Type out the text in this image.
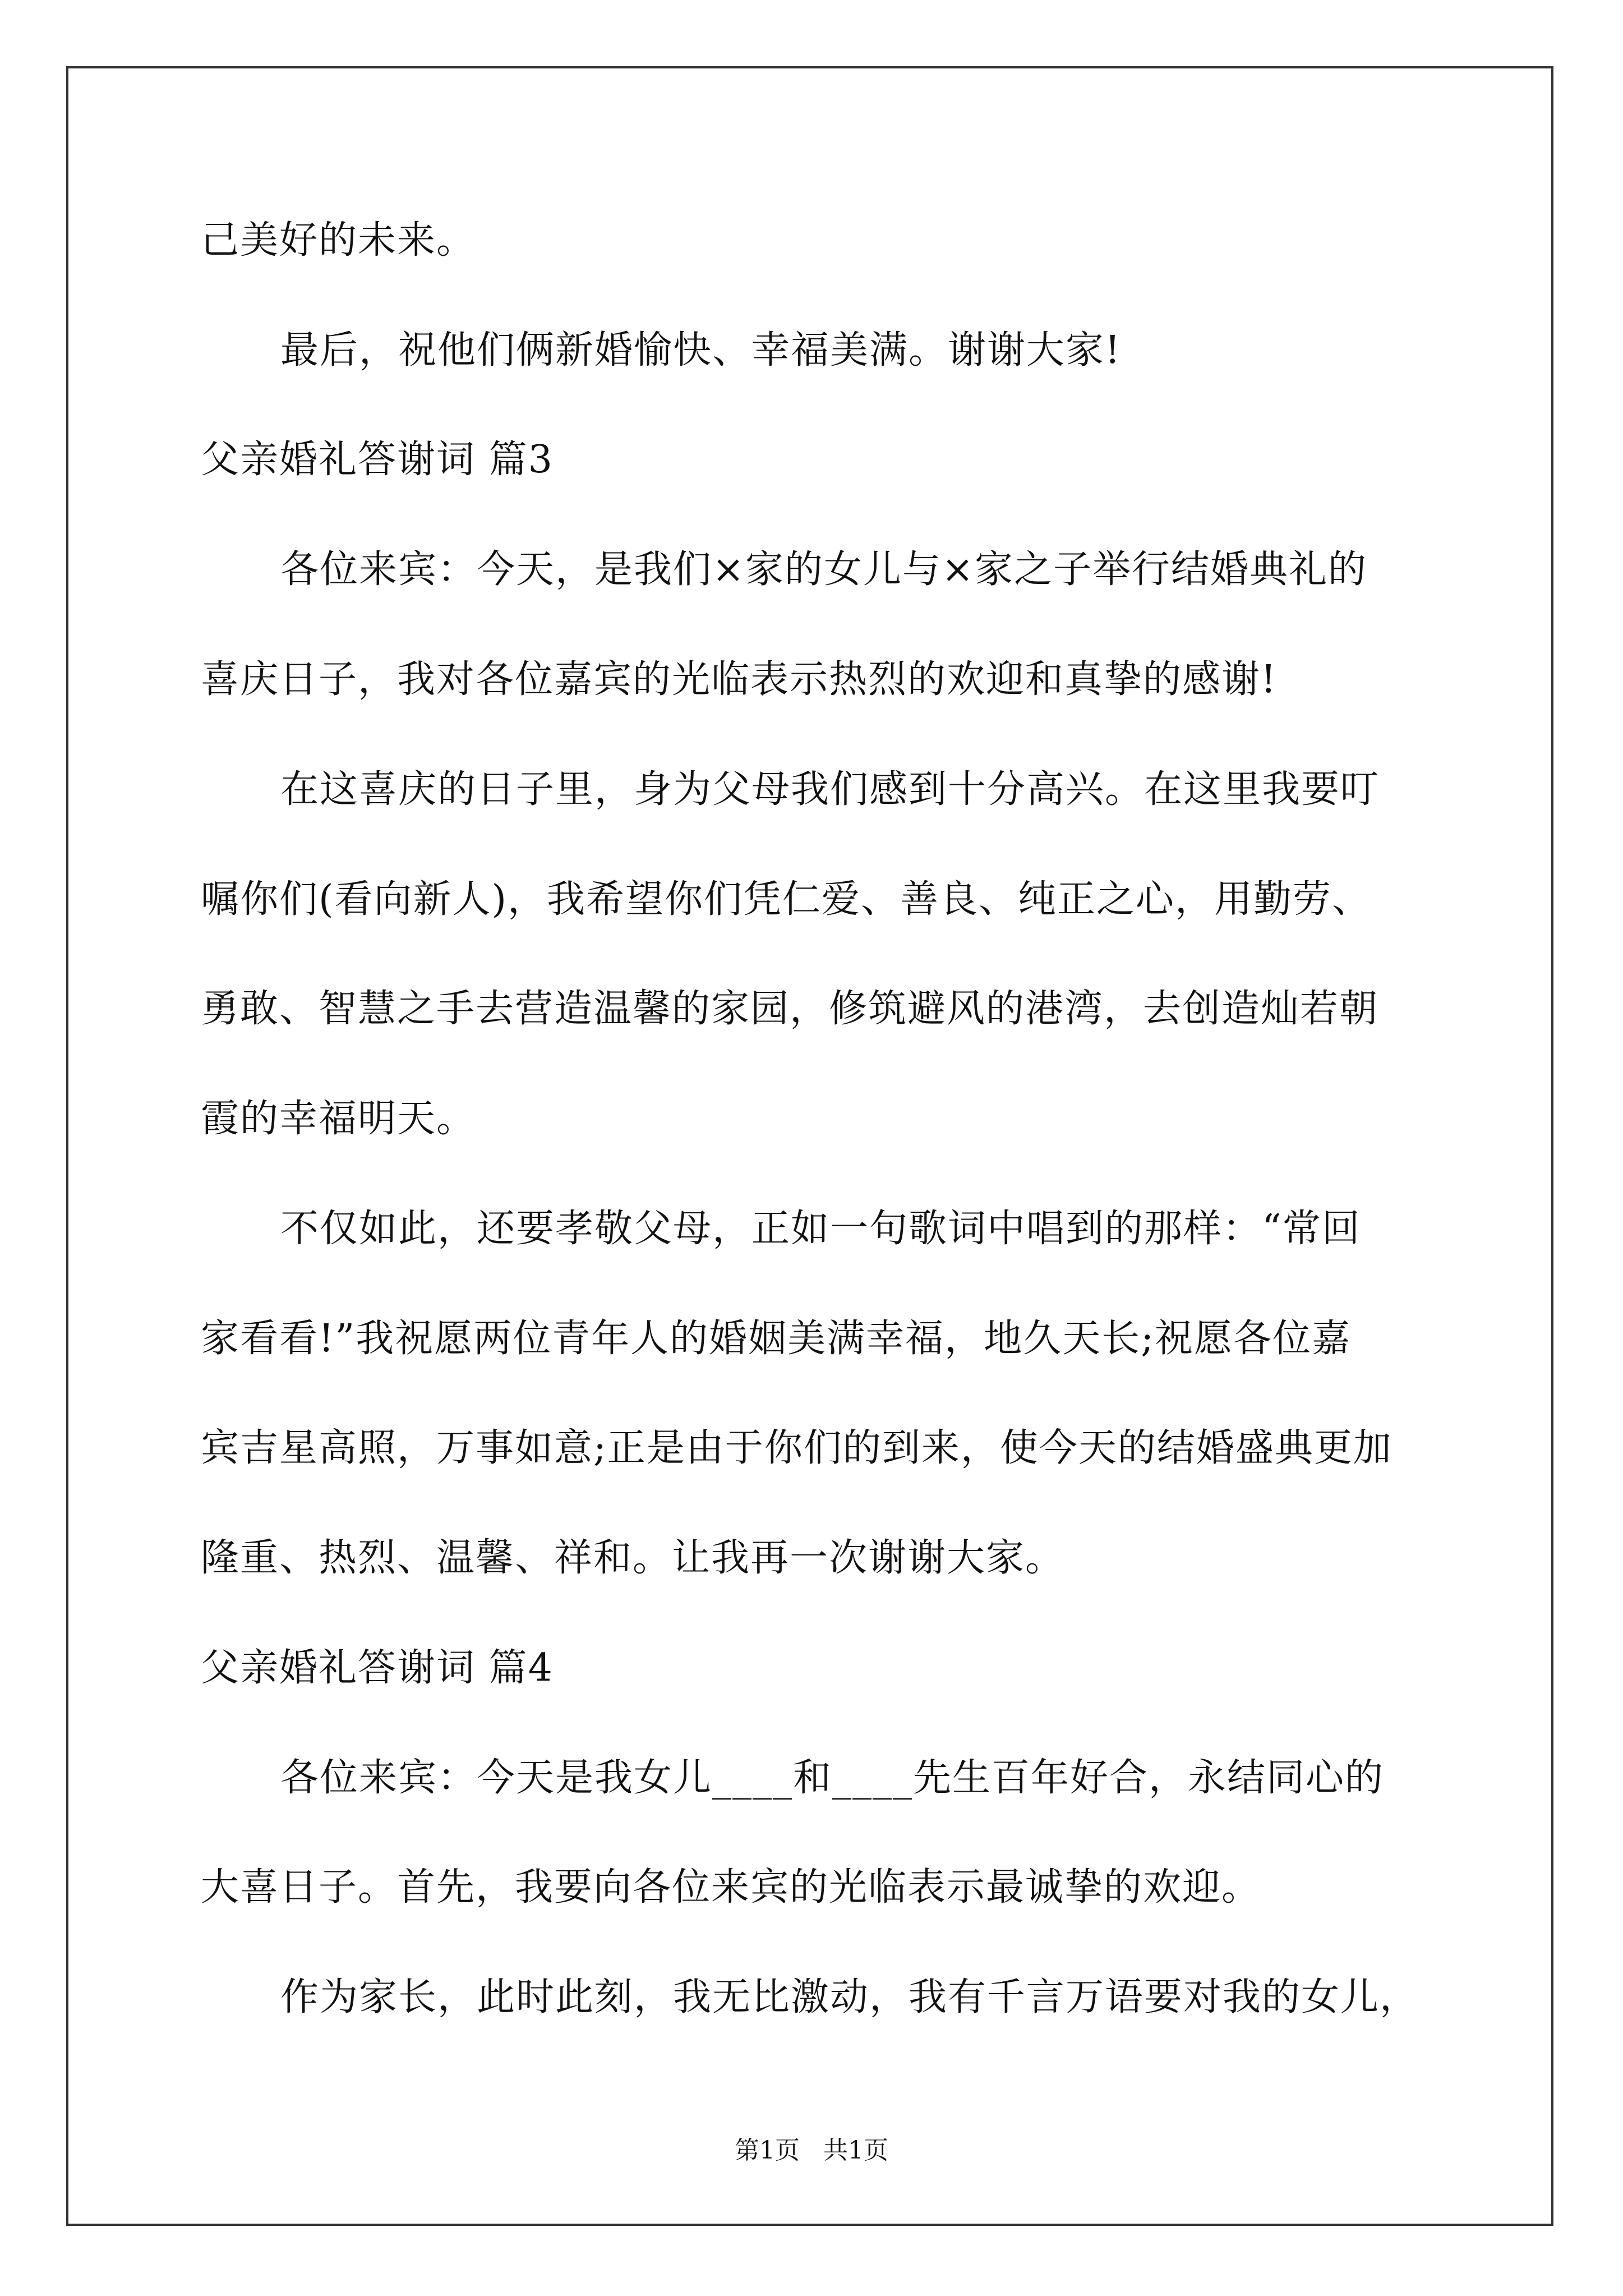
己美好的未来。
最后，祝他们俩新婚愉快、幸福美满。谢谢大家!
父亲婚礼答谢词 篇3
各位来宾：今天，是我们×家的女儿与×家之子举行结婚典礼的
喜庆日子，我对各位嘉宾的光临表示热烈的欢迎和真挚的感谢!
在这喜庆的日子里，身为父母我们感到十分高兴。在这里我要叮
嘱你们(看向新人)，我希望你们凭仁爱、善良、纯正之心，用勤劳、
勇敢、智慧之手去营造温馨的家园，修筑避风的港湾，去创造灿若朝
霞的幸福明天。
不仅如此，还要孝敬父母，正如一句歌词中唱到的那样：“常回
家看看!”我祝愿两位青年人的婚姻美满幸福，地久天长;祝愿各位嘉
宾吉星高照，万事如意;正是由于你们的到来，使今天的结婚盛典更加
隆重、热烈、温馨、祥和。让我再一次谢谢大家。
父亲婚礼答谢词 篇4
各位来宾：今天是我女儿____和____先生百年好合，永结同心的
大喜日子。首先，我要向各位来宾的光临表示最诚挚的欢迎。
作为家长，此时此刻，我无比激动，我有千言万语要对我的女儿，
第1页   共1页
